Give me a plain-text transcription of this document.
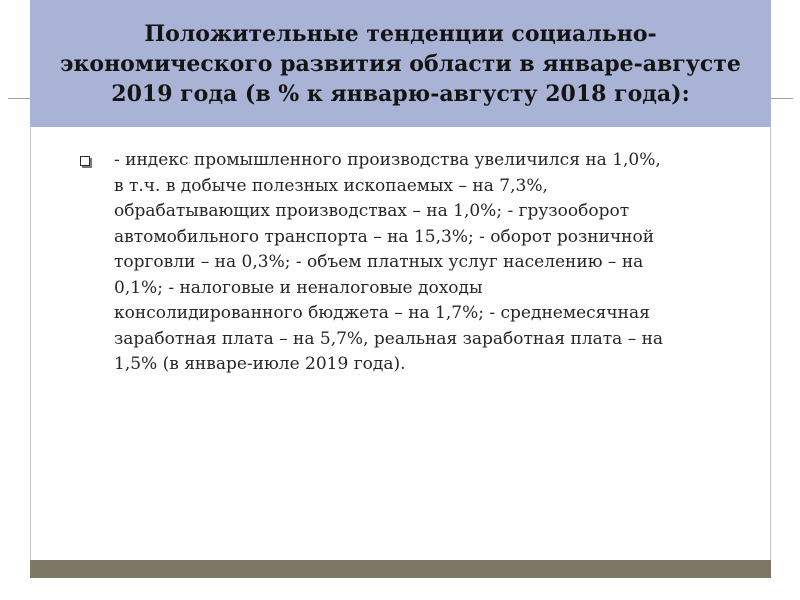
Положительные тенденции социально-экономического развития области в январе-августе 2019 года (в % к январю-августу 2018 года):
- индекс промышленного производства увеличился на 1,0%, в т.ч. в добыче полезных ископаемых – на 7,3%, обрабатывающих производствах – на 1,0%; - грузооборот автомобильного транспорта – на 15,3%; - оборот розничной торговли – на 0,3%; - объем платных услуг населению – на 0,1%; - налоговые и неналоговые доходы консолидированного бюджета – на 1,7%; - среднемесячная заработная плата – на 5,7%, реальная заработная плата – на 1,5% (в январе-июле 2019 года).
